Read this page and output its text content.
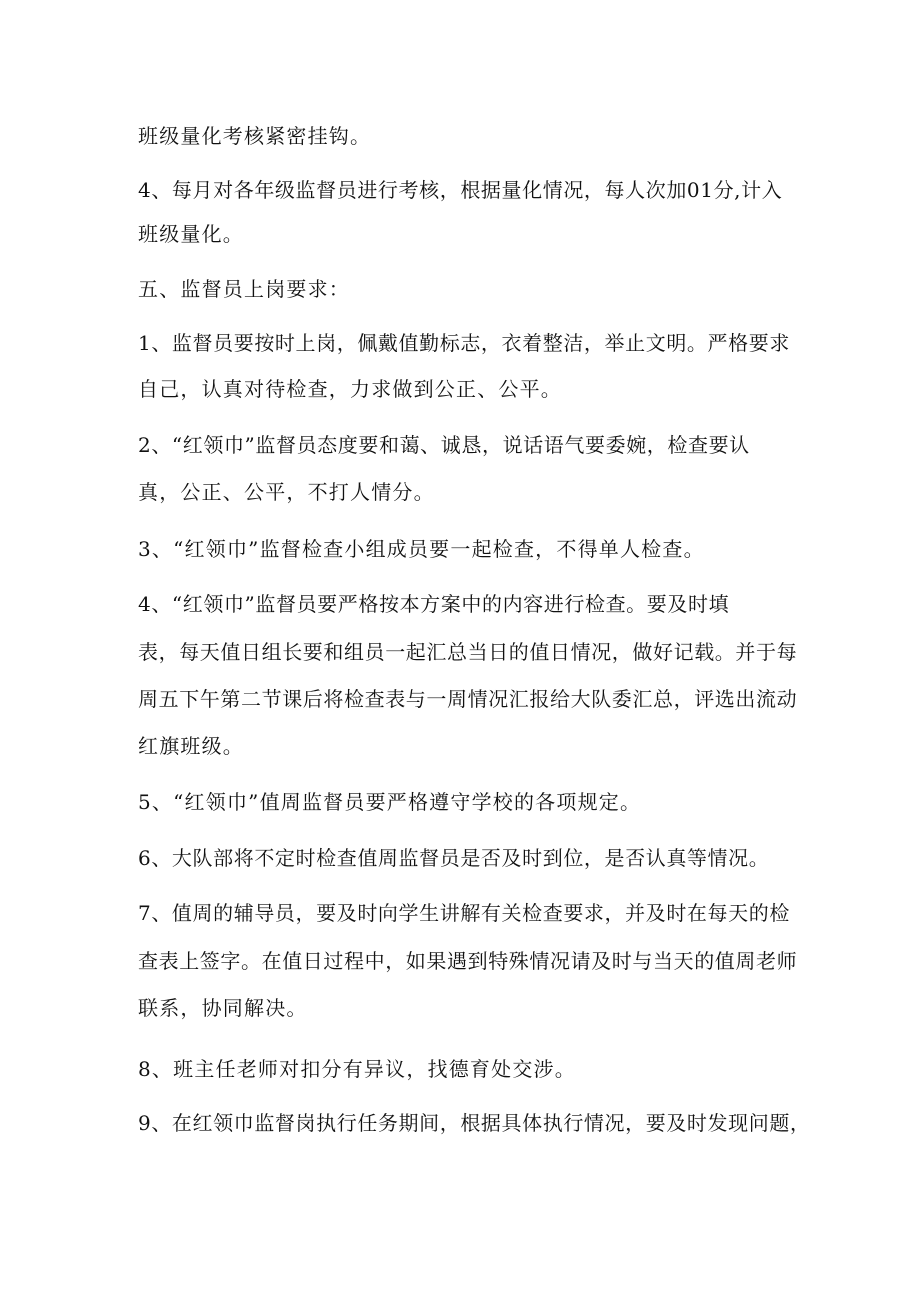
班级量化考核紧密挂钩。
4、每月对各年级监督员进行考核，根据量化情况，每人次加01分,计入
班级量化。
五、监督员上岗要求：
1、监督员要按时上岗，佩戴值勤标志，衣着整洁，举止文明。严格要求
自己，认真对待检查，力求做到公正、公平。
2、“红领巾”监督员态度要和蔼、诚恳，说话语气要委婉，检查要认
真，公正、公平，不打人情分。
3、“红领巾”监督检查小组成员要一起检查，不得单人检查。
4、“红领巾”监督员要严格按本方案中的内容进行检查。要及时填
表，每天值日组长要和组员一起汇总当日的值日情况，做好记载。并于每
周五下午第二节课后将检查表与一周情况汇报给大队委汇总，评选出流动
红旗班级。
5、“红领巾”值周监督员要严格遵守学校的各项规定。
6、大队部将不定时检查值周监督员是否及时到位，是否认真等情况。
7、值周的辅导员，要及时向学生讲解有关检查要求，并及时在每天的检
查表上签字。在值日过程中，如果遇到特殊情况请及时与当天的值周老师
联系，协同解决。
8、班主任老师对扣分有异议，找德育处交涉。
9、在红领巾监督岗执行任务期间，根据具体执行情况，要及时发现问题，
